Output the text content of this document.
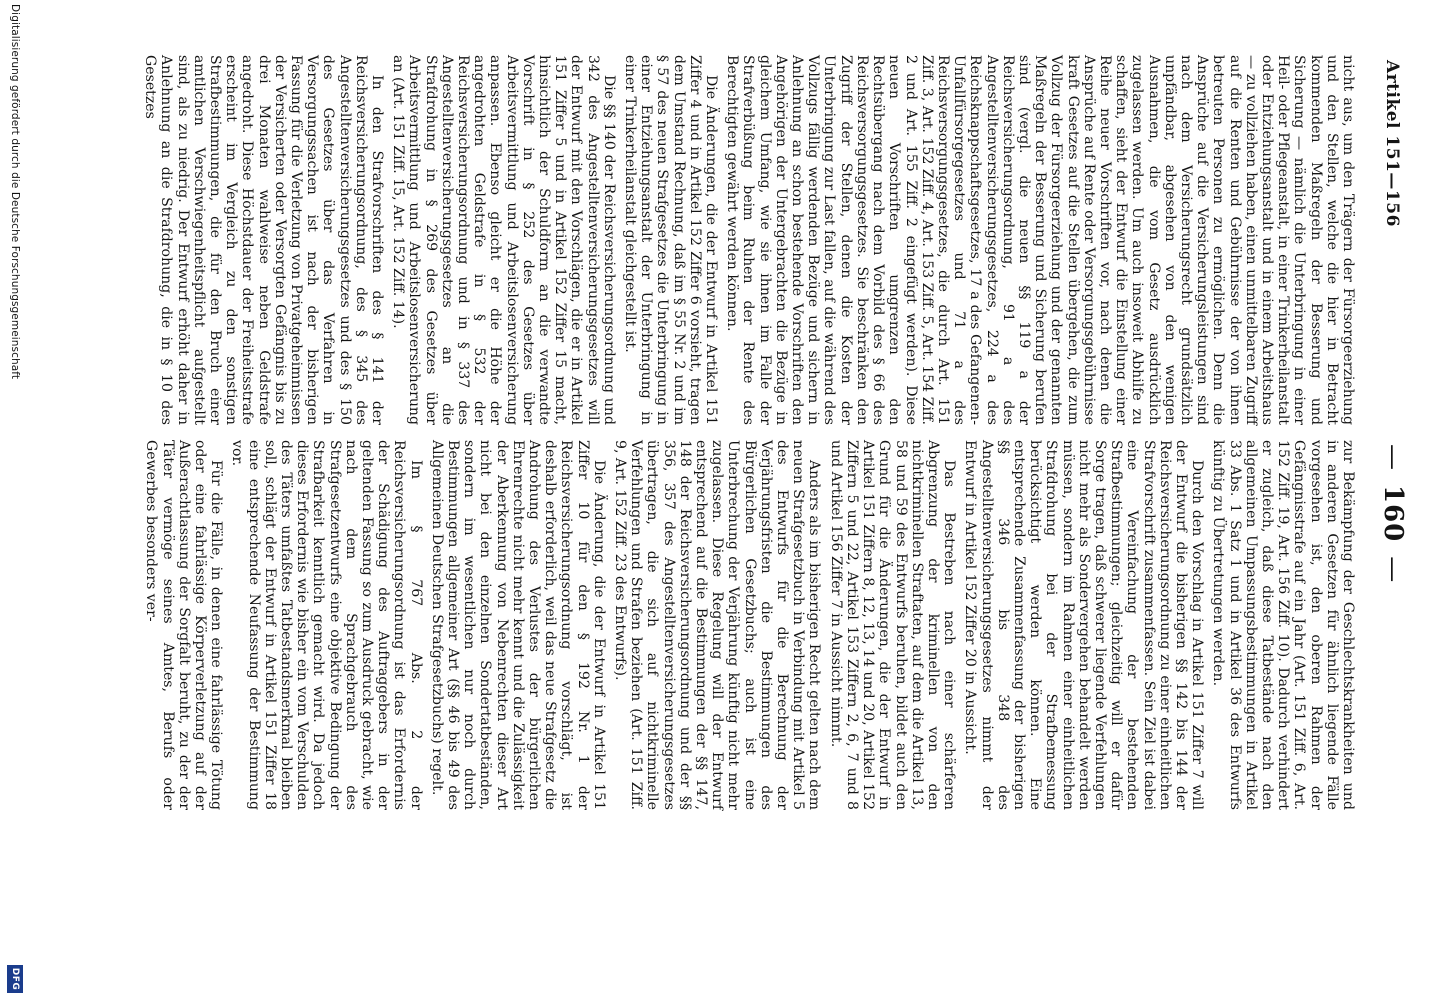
Artikel 151—156
—160—

nicht aus, um den Trägern der Fürsorgeerziehung und den Stellen, welche die hier in Betracht kommenden Maßregeln der Besserung und Sicherung — nämlich die Unterbringung in einer Heil- oder Pflegeanstalt, in einer Trinkerheilanstalt oder Entziehungsanstalt und in einem Arbeitshaus — zu vollziehen haben, einen unmittelbaren Zugriff auf die Renten und Gebührnisse der von ihnen betreuten Personen zu ermöglichen. Denn die Ansprüche auf die Versicherungsleistungen sind nach dem Versicherungsrecht grundsätzlich unpfändbar, abgesehen von den wenigen Ausnahmen, die vom Gesetz ausdrücklich zugelassen werden. Um auch insoweit Abhilfe zu schaffen, sieht der Entwurf die Einstellung einer Reihe neuer Vorschriften vor, nach denen die Ansprüche auf Rente oder Versorgungsgebührnisse kraft Gesetzes auf die Stellen übergehen, die zum Vollzug der Fürsorgeerziehung und der genannten Maßregeln der Besserung und Sicherung berufen sind (vergl. die neuen §§ 119 a der Reichsversicherungsordnung, 91 a des Angestelltenversicherungsgesetzes, 224 a des Reichsknappschaftsgesetzes, 17 a des Gefangenen-Unfallfürsorgegesetzes und 71 a des Reichsversorgungsgesetzes, die durch Art. 151 Ziff. 3, Art. 152 Ziff. 4, Art. 153 Ziff. 5, Art. 154 Ziff. 2 und Art. 155 Ziff. 2 eingefügt werden). Diese neuen Vorschriften umgrenzen den Rechtsübergang nach dem Vorbild des § 66 des Reichsversorgungsgesetzes. Sie beschränken den Zugriff der Stellen, denen die Kosten der Unterbringung zur Last fallen, auf die während des Vollzugs fällig werdenden Bezüge und sichern in Anlehnung an schon bestehende Vorschriften den Angehörigen der Untergebrachten die Bezüge in gleichem Umfang, wie sie ihnen im Falle der Strafverbüßung beim Ruhen der Rente des Berechtigten gewährt werden können.

Die Änderungen, die der Entwurf in Artikel 151 Ziffer 4 und in Artikel 152 Ziffer 6 vorsieht, tragen dem Umstand Rechnung, daß im § 55 Nr. 2 und im § 57 des neuen Strafgesetzes die Unterbringung in einer Entziehungsanstalt der Unterbringung in einer Trinkerheilanstalt gleichgestellt ist.

Die §§ 140 der Reichsversicherungsordnung und 342 des Angestelltenversicherungsgesetzes will der Entwurf mit den Vorschlägen, die er in Artikel 151 Ziffer 5 und in Artikel 152 Ziffer 15 macht, hinsichtlich der Schuldform an die verwandte Vorschrift in § 252 des Gesetzes über Arbeitsvermittlung und Arbeitslosenversicherung anpassen. Ebenso gleicht er die Höhe der angedrohten Geldstrafe in § 532 der Reichsversicherungsordnung und in § 337 des Angestelltenversicherungsgesetzes an die Strafdrohung in § 269 des Gesetzes über Arbeitsvermittlung und Arbeitslosenversicherung an (Art. 151 Ziff. 15, Art. 152 Ziff. 14).

In den Strafvorschriften des § 141 der Reichsversicherungsordnung, des § 345 des Angestelltenversicherungsgesetzes und des § 150 des Gesetzes über das Verfahren in Versorgungssachen ist nach der bisherigen Fassung für die Verletzung von Privatgeheimnissen der Versicherten oder Versorgten Gefängnis bis zu drei Monaten wahlweise neben Geldstrafe angedroht. Diese Höchstdauer der Freiheitsstrafe erscheint im Vergleich zu den sonstigen Strafbestimmungen, die für den Bruch einer amtlichen Verschwiegenheitspflicht aufgestellt sind, als zu niedrig. Der Entwurf erhöht daher in Anlehnung an die Strafdrohung, die in § 10 des Gesetzes

zur Bekämpfung der Geschlechtskrankheiten und in anderen Gesetzen für ähnlich liegende Fälle vorgesehen ist, den oberen Rahmen der Gefängnisstrafe auf ein Jahr (Art. 151 Ziff. 6, Art. 152 Ziff. 19, Art. 156 Ziff. 10). Dadurch verhindert er zugleich, daß diese Tatbestände nach den allgemeinen Umpassungsbestimmungen in Artikel 33 Abs. 1 Satz 1 und in Artikel 36 des Entwurfs künftig zu Übertretungen werden.

Durch den Vorschlag in Artikel 151 Ziffer 7 will der Entwurf die bisherigen §§ 142 bis 144 der Reichsversicherungsordnung zu einer einheitlichen Strafvorschrift zusammenfassen. Sein Ziel ist dabei eine Vereinfachung der bestehenden Strafbestimmungen; gleichzeitig will er dafür Sorge tragen, daß schwerer liegende Verfehlungen nicht mehr als Sondervergehen behandelt werden müssen, sondern im Rahmen einer einheitlichen Strafdrohung bei der Strafbemessung berücksichtigt werden können. Eine entsprechende Zusammenfassung der bisherigen §§ 346 bis 348 des Angestelltenversicherungsgesetzes nimmt der Entwurf in Artikel 152 Ziffer 20 in Aussicht.

Das Bestreben nach einer schärferen Abgrenzung der kriminellen von den nichtkriminellen Straftaten, auf dem die Artikel 13, 58 und 59 des Entwurfs beruhen, bildet auch den Grund für die Änderungen, die der Entwurf in Artikel 151 Ziffern 8, 12, 13, 14 und 20, Artikel 152 Ziffern 5 und 22, Artikel 153 Ziffern 2, 6, 7 und 8 und Artikel 156 Ziffer 7 in Aussicht nimmt.

Anders als im bisherigen Recht gelten nach dem neuen Strafgesetzbuch in Verbindung mit Artikel 5 des Entwurfs für die Berechnung der Verjährungsfristen die Bestimmungen des Bürgerlichen Gesetzbuchs; auch ist eine Unterbrechung der Verjährung künftig nicht mehr zugelassen. Diese Regelung will der Entwurf entsprechend auf die Bestimmungen der §§ 147, 148 der Reichsversicherungsordnung und der §§ 356, 357 des Angestelltenversicherungsgesetzes übertragen, die sich auf nichtkriminelle Verfehlungen und Strafen beziehen (Art. 151 Ziff. 9, Art. 152 Ziff. 23 des Entwurfs).

Die Änderung, die der Entwurf in Artikel 151 Ziffer 10 für den § 192 Nr. 1 der Reichsversicherungsordnung vorschlägt, ist deshalb erforderlich, weil das neue Strafgesetz die Androhung des Verlustes der bürgerlichen Ehrenrechte nicht mehr kennt und die Zulässigkeit der Aberkennung von Nebenrechten dieser Art nicht bei den einzelnen Sondertatbeständen, sondern im wesentlichen nur noch durch Bestimmungen allgemeiner Art (§§ 46 bis 49 des Allgemeinen Deutschen Strafgesetzbuchs) regelt.

Im § 767 Abs. 2 der Reichsversicherungsordnung ist das Erfordernis der Schädigung des Auftraggebers in der geltenden Fassung so zum Ausdruck gebracht, wie nach dem Sprachgebrauch des Strafgesetzentwurfs eine objektive Bedingung der Strafbarkeit kenntlich gemacht wird. Da jedoch dieses Erfordernis wie bisher ein vom Verschulden des Täters umfaßtes Tatbestandsmerkmal bleiben soll, schlägt der Entwurf in Artikel 151 Ziffer 18 eine entsprechende Neufassung der Bestimmung vor.

Für die Fälle, in denen eine fahrlässige Tötung oder eine fahrlässige Körperverletzung auf der Außerachtlassung der Sorgfalt beruht, zu der der Täter vermöge seines Amtes, Berufs oder Gewerbes besonders ver-

Digitalisierung gefördert durch die Deutsche Forschungsgemeinschaft
DFG
